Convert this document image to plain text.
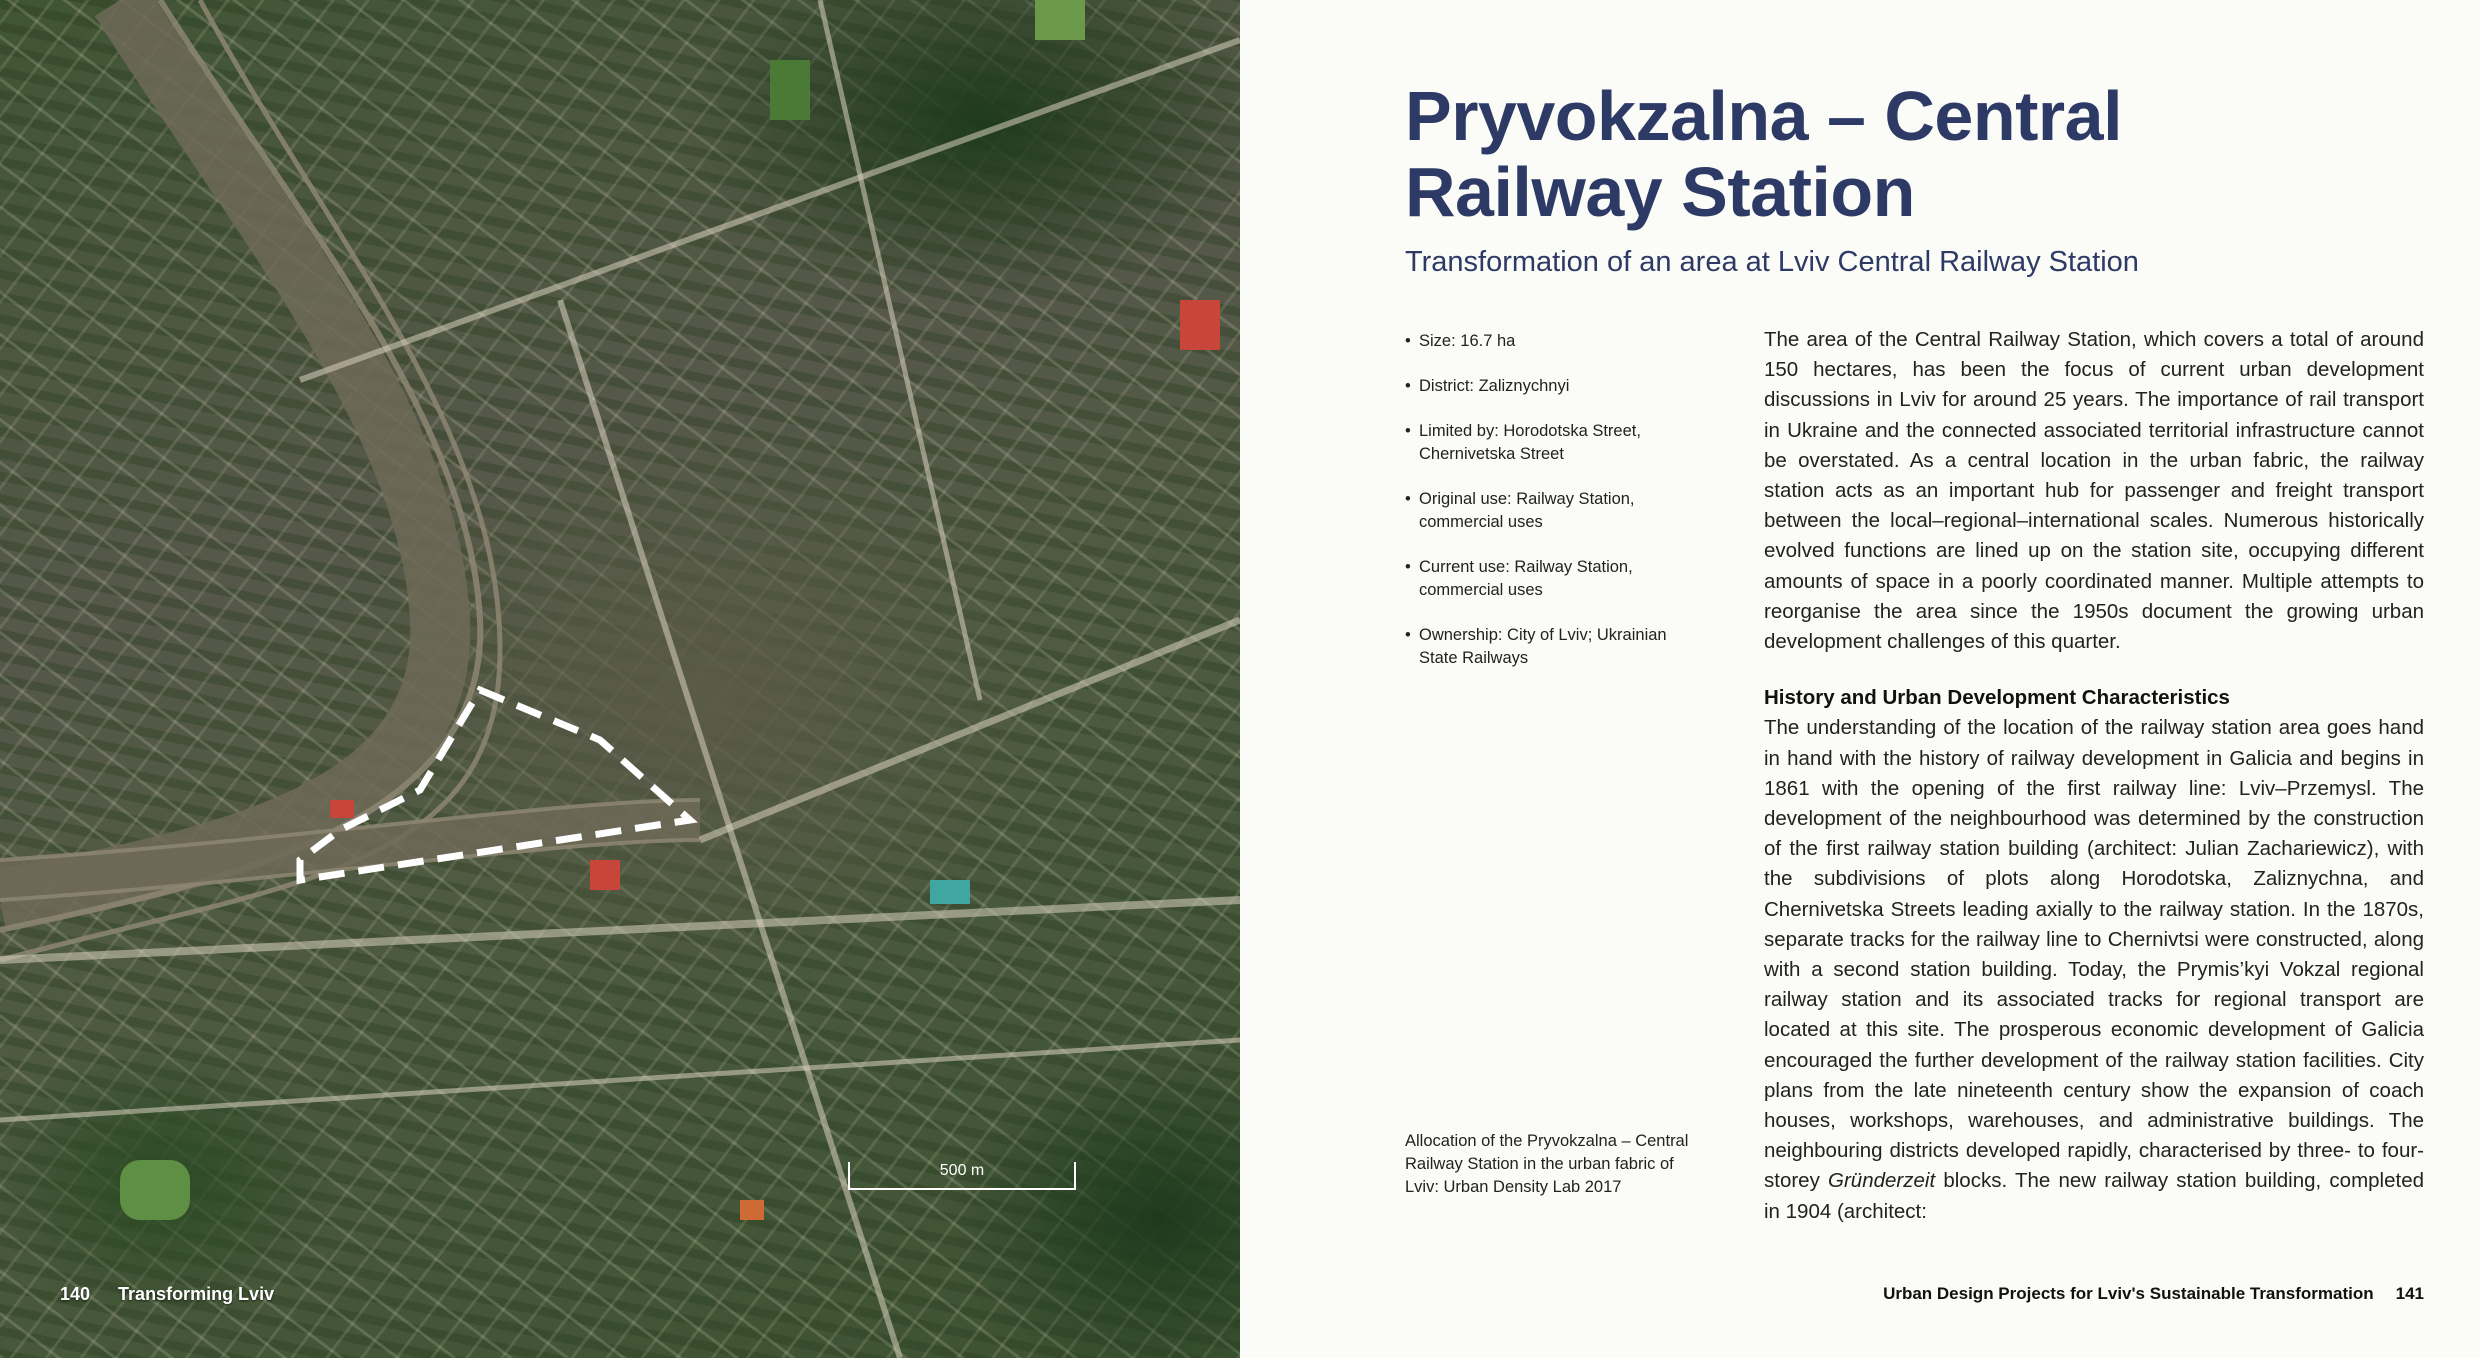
500 m
140 Transforming Lviv
Pryvokzalna – Central Railway Station

Transformation of an area at Lviv Central Railway Station

• Size: 16.7 ha
• District: Zaliznychnyi
• Limited by: Horodotska Street, Chernivetska Street
• Original use: Railway Station, commercial uses
• Current use: Railway Station, commercial uses
• Ownership: City of Lviv; Ukrainian State Railways

Allocation of the Pryvokzalna – Central Railway Station in the urban fabric of Lviv: Urban Density Lab 2017

The area of the Central Railway Station, which covers a total of around 150 hectares, has been the focus of current urban development discussions in Lviv for around 25 years. The importance of rail transport in Ukraine and the connected associated territorial infrastructure cannot be overstated. As a central location in the urban fabric, the railway station acts as an important hub for passenger and freight transport between the local–regional–international scales. Numerous historically evolved functions are lined up on the station site, occupying different amounts of space in a poorly coordinated manner. Multiple attempts to reorganise the area since the 1950s document the growing urban development challenges of this quarter.

History and Urban Development Characteristics

The understanding of the location of the railway station area goes hand in hand with the history of railway development in Galicia and begins in 1861 with the opening of the first railway line: Lviv–Przemysl. The development of the neighbourhood was determined by the construction of the first railway station building (architect: Julian Zachariewicz), with the subdivisions of plots along Horodotska, Zaliznychna, and Chernivetska Streets leading axially to the railway station. In the 1870s, separate tracks for the railway line to Chernivtsi were constructed, along with a second station building. Today, the Prymis’kyi Vokzal regional railway station and its associated tracks for regional transport are located at this site. The prosperous economic development of Galicia encouraged the further development of the railway station facilities. City plans from the late nineteenth century show the expansion of coach houses, workshops, warehouses, and administrative buildings. The neighbouring districts developed rapidly, characterised by three- to four-storey Gründerzeit blocks. The new railway station building, completed in 1904 (architect:

Urban Design Projects for Lviv's Sustainable Transformation 141
